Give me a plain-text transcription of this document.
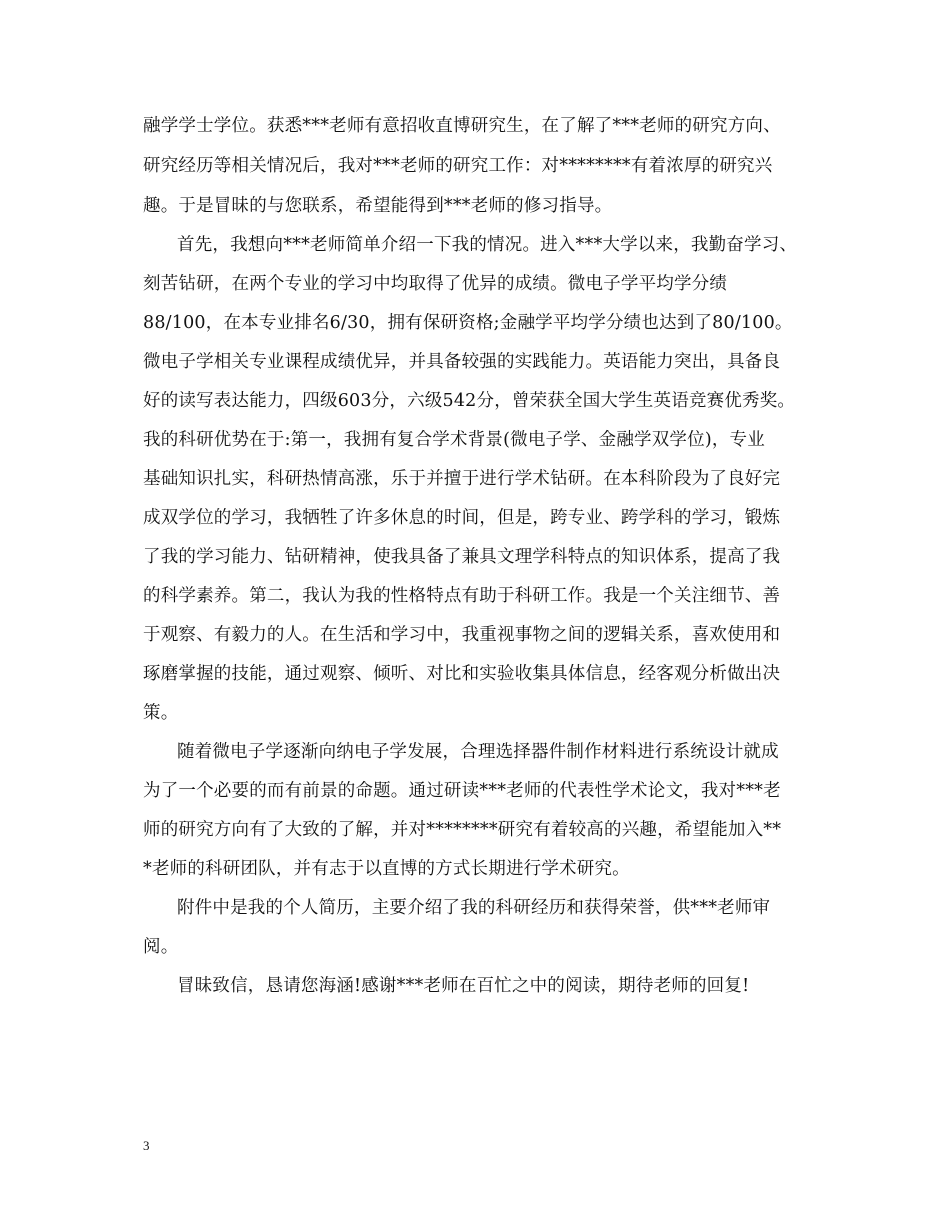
融学学士学位。获悉***老师有意招收直博研究生，在了解了***老师的研究方向、
研究经历等相关情况后，我对***老师的研究工作：对********有着浓厚的研究兴
趣。于是冒昧的与您联系，希望能得到***老师的修习指导。
首先，我想向***老师简单介绍一下我的情况。进入***大学以来，我勤奋学习、
刻苦钻研，在两个专业的学习中均取得了优异的成绩。微电子学平均学分绩
88/100，在本专业排名6/30，拥有保研资格;金融学平均学分绩也达到了80/100。
微电子学相关专业课程成绩优异，并具备较强的实践能力。英语能力突出，具备良
好的读写表达能力，四级603分，六级542分，曾荣获全国大学生英语竞赛优秀奖。
我的科研优势在于:第一，我拥有复合学术背景(微电子学、金融学双学位)，专业
基础知识扎实，科研热情高涨，乐于并擅于进行学术钻研。在本科阶段为了良好完
成双学位的学习，我牺牲了许多休息的时间，但是，跨专业、跨学科的学习，锻炼
了我的学习能力、钻研精神，使我具备了兼具文理学科特点的知识体系，提高了我
的科学素养。第二，我认为我的性格特点有助于科研工作。我是一个关注细节、善
于观察、有毅力的人。在生活和学习中，我重视事物之间的逻辑关系，喜欢使用和
琢磨掌握的技能，通过观察、倾听、对比和实验收集具体信息，经客观分析做出决
策。
随着微电子学逐渐向纳电子学发展，合理选择器件制作材料进行系统设计就成
为了一个必要的而有前景的命题。通过研读***老师的代表性学术论文，我对***老
师的研究方向有了大致的了解，并对********研究有着较高的兴趣，希望能加入**
*老师的科研团队，并有志于以直博的方式长期进行学术研究。
附件中是我的个人简历，主要介绍了我的科研经历和获得荣誉，供***老师审
阅。
冒昧致信，恳请您海涵!感谢***老师在百忙之中的阅读，期待老师的回复!
3
